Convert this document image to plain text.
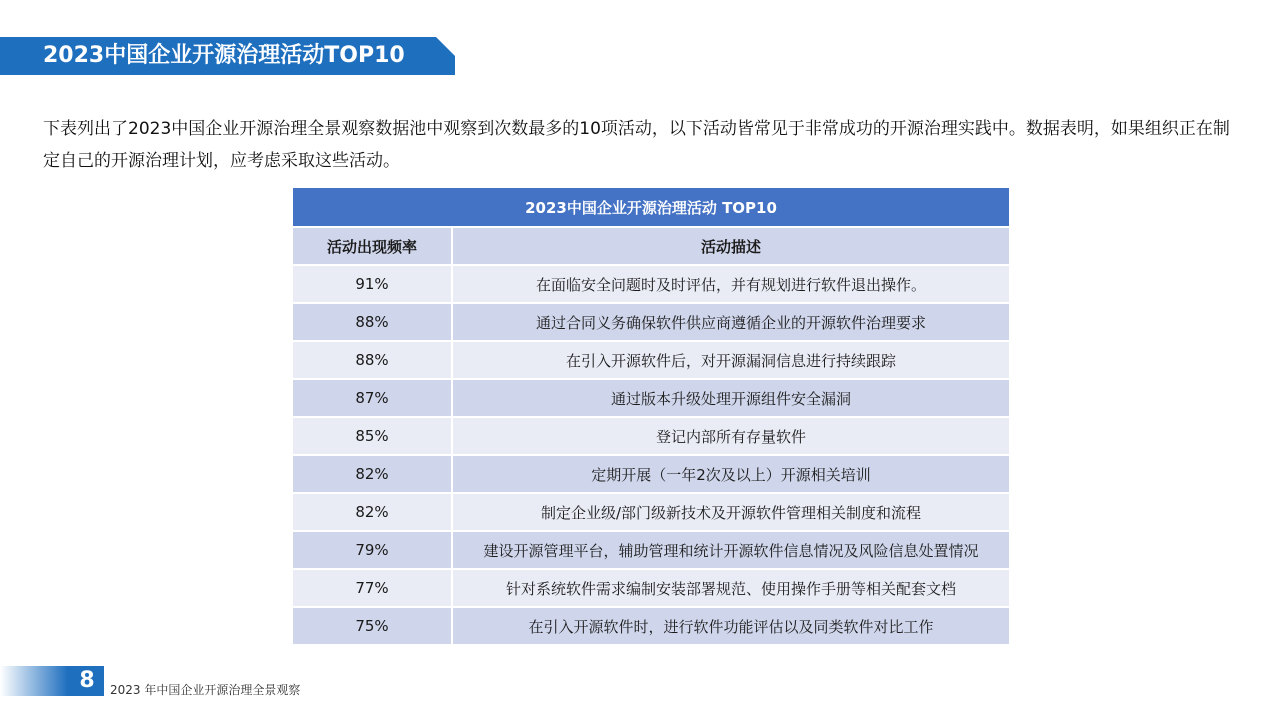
2023中国企业开源治理活动TOP10
下表列出了2023中国企业开源治理全景观察数据池中观察到次数最多的10项活动，以下活动皆常见于非常成功的开源治理实践中。数据表明，如果组织正在制定自己的开源治理计划，应考虑采取这些活动。
2023中国企业开源治理活动 TOP10	
活动出现频率	活动描述
91%	在面临安全问题时及时评估，并有规划进行软件退出操作。
88%	通过合同义务确保软件供应商遵循企业的开源软件治理要求
88%	在引入开源软件后，对开源漏洞信息进行持续跟踪
87%	通过版本升级处理开源组件安全漏洞
85%	登记内部所有存量软件
82%	定期开展（一年2次及以上）开源相关培训
82%	制定企业级/部门级新技术及开源软件管理相关制度和流程
79%	建设开源管理平台，辅助管理和统计开源软件信息情况及风险信息处置情况
77%	针对系统软件需求编制安装部署规范、使用操作手册等相关配套文档
75%	在引入开源软件时，进行软件功能评估以及同类软件对比工作
8	2023 年中国企业开源治理全景观察
